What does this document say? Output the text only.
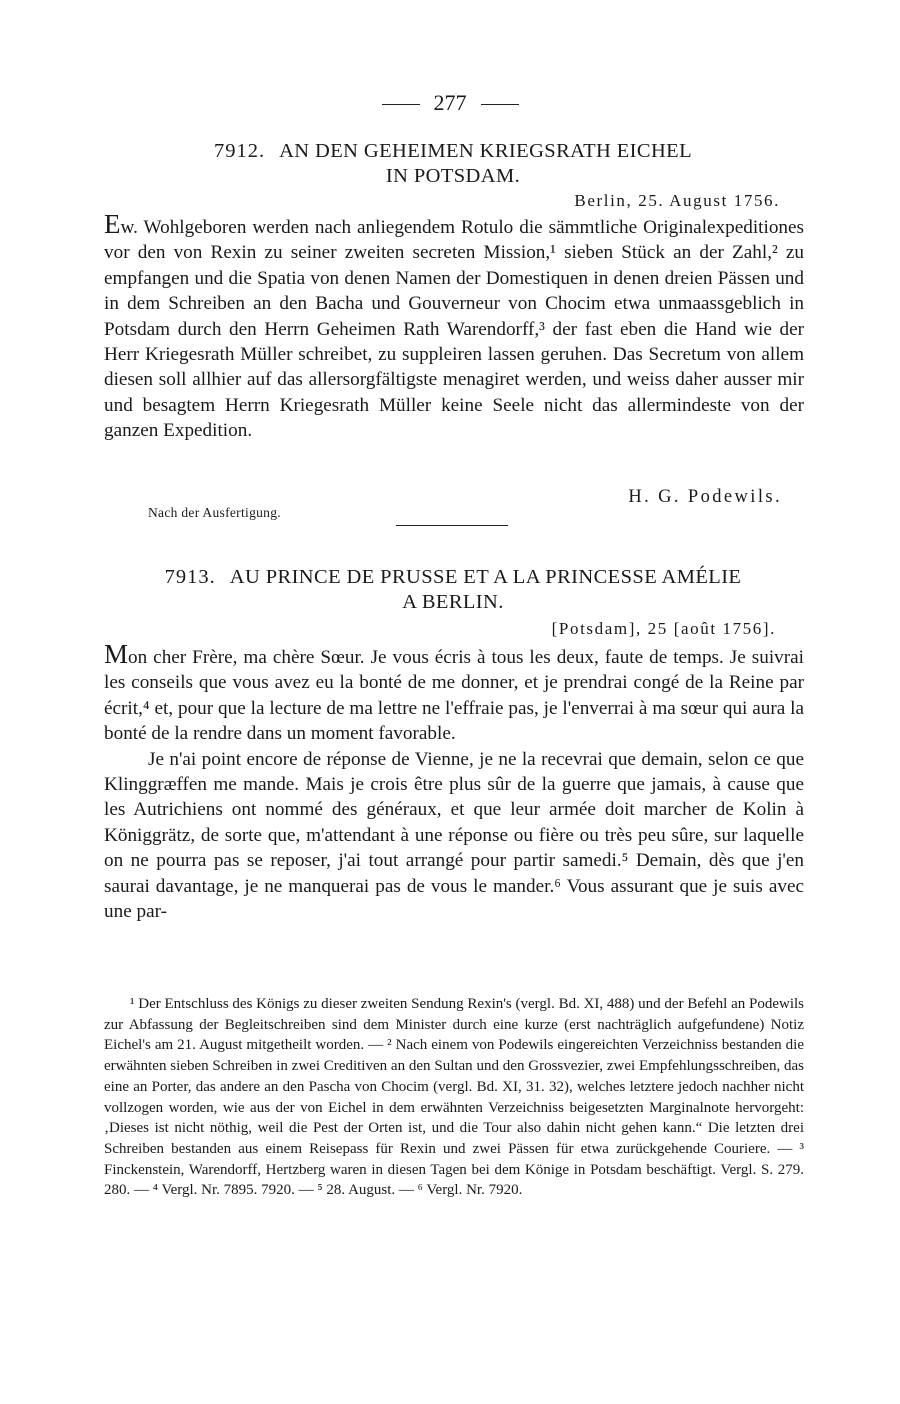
277
7912. AN DEN GEHEIMEN KRIEGSRATH EICHEL
IN POTSDAM.
Berlin, 25. August 1756.

Ew. Wohlgeboren werden nach anliegendem Rotulo die sämmtliche Originalexpeditiones vor den von Rexin zu seiner zweiten secreten Mission,¹ sieben Stück an der Zahl,² zu empfangen und die Spatia von denen Namen der Domestiquen in denen dreien Pässen und in dem Schreiben an den Bacha und Gouverneur von Chocim etwa unmaassgeblich in Potsdam durch den Herrn Geheimen Rath Warendorff,³ der fast eben die Hand wie der Herr Kriegesrath Müller schreibet, zu suppleiren lassen geruhen. Das Secretum von allem diesen soll allhier auf das allersorgfältigste menagiret werden, und weiss daher ausser mir und besagtem Herrn Kriegesrath Müller keine Seele nicht das allermindeste von der ganzen Expedition.

H. G. Podewils.
Nach der Ausfertigung.
7913. AU PRINCE DE PRUSSE ET A LA PRINCESSE AMÉLIE
A BERLIN.
[Potsdam], 25 [août 1756].

Mon cher Frère, ma chère Sœur. Je vous écris à tous les deux, faute de temps. Je suivrai les conseils que vous avez eu la bonté de me donner, et je prendrai congé de la Reine par écrit,⁴ et, pour que la lecture de ma lettre ne l'effraie pas, je l'enverrai à ma sœur qui aura la bonté de la rendre dans un moment favorable.

Je n'ai point encore de réponse de Vienne, je ne la recevrai que demain, selon ce que Klinggræffen me mande. Mais je crois être plus sûr de la guerre que jamais, à cause que les Autrichiens ont nommé des généraux, et que leur armée doit marcher de Kolin à Königgrätz, de sorte que, m'attendant à une réponse ou fière ou très peu sûre, sur laquelle on ne pourra pas se reposer, j'ai tout arrangé pour partir samedi.⁵ Demain, dès que j'en saurai davantage, je ne manquerai pas de vous le mander.⁶ Vous assurant que je suis avec une par-

¹ Der Entschluss des Königs zu dieser zweiten Sendung Rexin's (vergl. Bd. XI, 488) und der Befehl an Podewils zur Abfassung der Begleitschreiben sind dem Minister durch eine kurze (erst nachträglich aufgefundene) Notiz Eichel's am 21. August mitgetheilt worden. — ² Nach einem von Podewils eingereichten Verzeichniss bestanden die erwähnten sieben Schreiben in zwei Creditiven an den Sultan und den Grossvezier, zwei Empfehlungsschreiben, das eine an Porter, das andere an den Pascha von Chocim (vergl. Bd. XI, 31. 32), welches letztere jedoch nachher nicht vollzogen worden, wie aus der von Eichel in dem erwähnten Verzeichniss beigesetzten Marginalnote hervorgeht: ‚Dieses ist nicht nöthig, weil die Pest der Orten ist, und die Tour also dahin nicht gehen kann.“ Die letzten drei Schreiben bestanden aus einem Reisepass für Rexin und zwei Pässen für etwa zurückgehende Couriere. — ³ Finckenstein, Warendorff, Hertzberg waren in diesen Tagen bei dem Könige in Potsdam beschäftigt. Vergl. S. 279. 280. — ⁴ Vergl. Nr. 7895. 7920. — ⁵ 28. August. — ⁶ Vergl. Nr. 7920.
